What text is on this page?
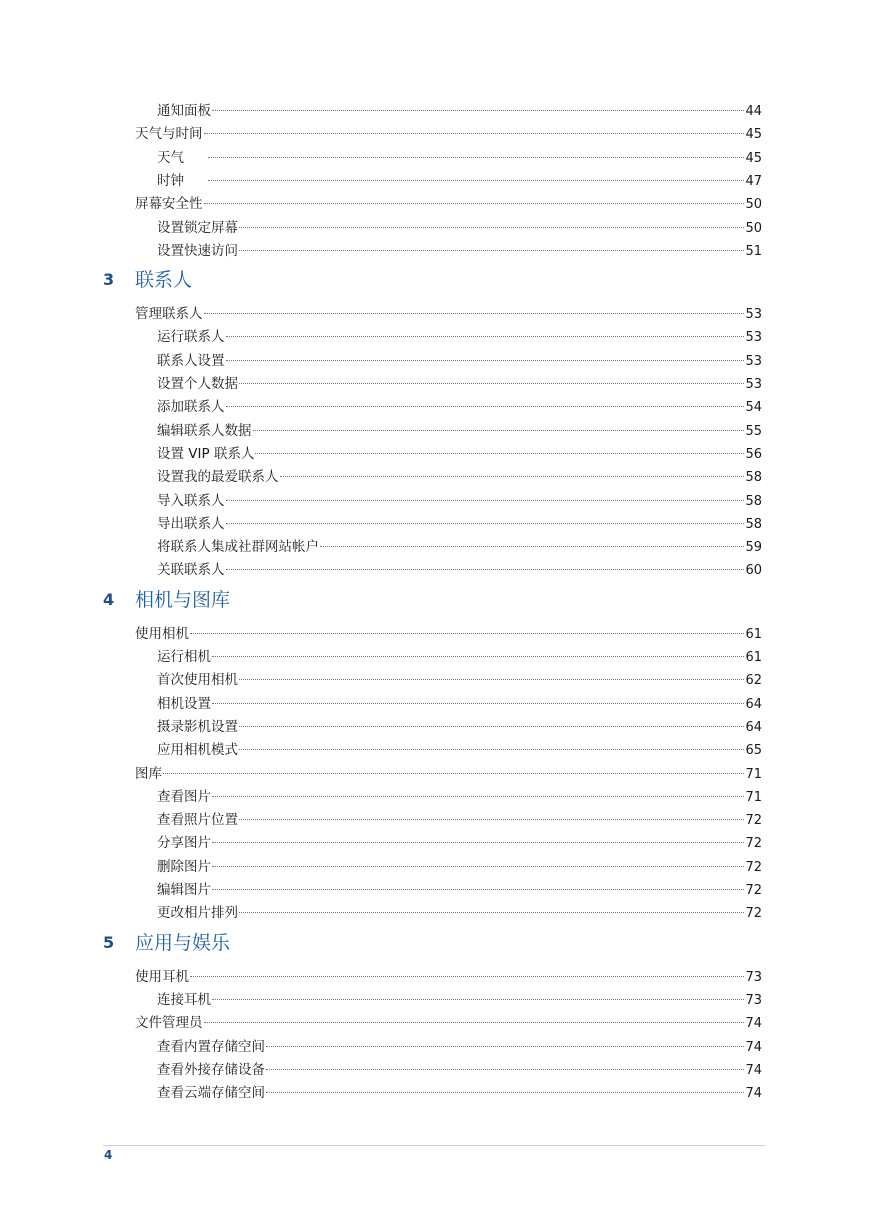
通知面板	44
天气与时间	45
天气	45
时钟	47
屏幕安全性	50
设置锁定屏幕	50
设置快速访问	51
3	联系人
管理联系人	53
运行联系人	53
联系人设置	53
设置个人数据	53
添加联系人	54
编辑联系人数据	55
设置 VIP 联系人	56
设置我的最爱联系人	58
导入联系人	58
导出联系人	58
将联系人集成社群网站帐户	59
关联联系人	60
4	相机与图库
使用相机	61
运行相机	61
首次使用相机	62
相机设置	64
摄录影机设置	64
应用相机模式	65
图库	71
查看图片	71
查看照片位置	72
分享图片	72
删除图片	72
编辑图片	72
更改相片排列	72
5	应用与娱乐
使用耳机	73
连接耳机	73
文件管理员	74
查看内置存储空间	74
查看外接存储设备	74
查看云端存储空间	74
4
